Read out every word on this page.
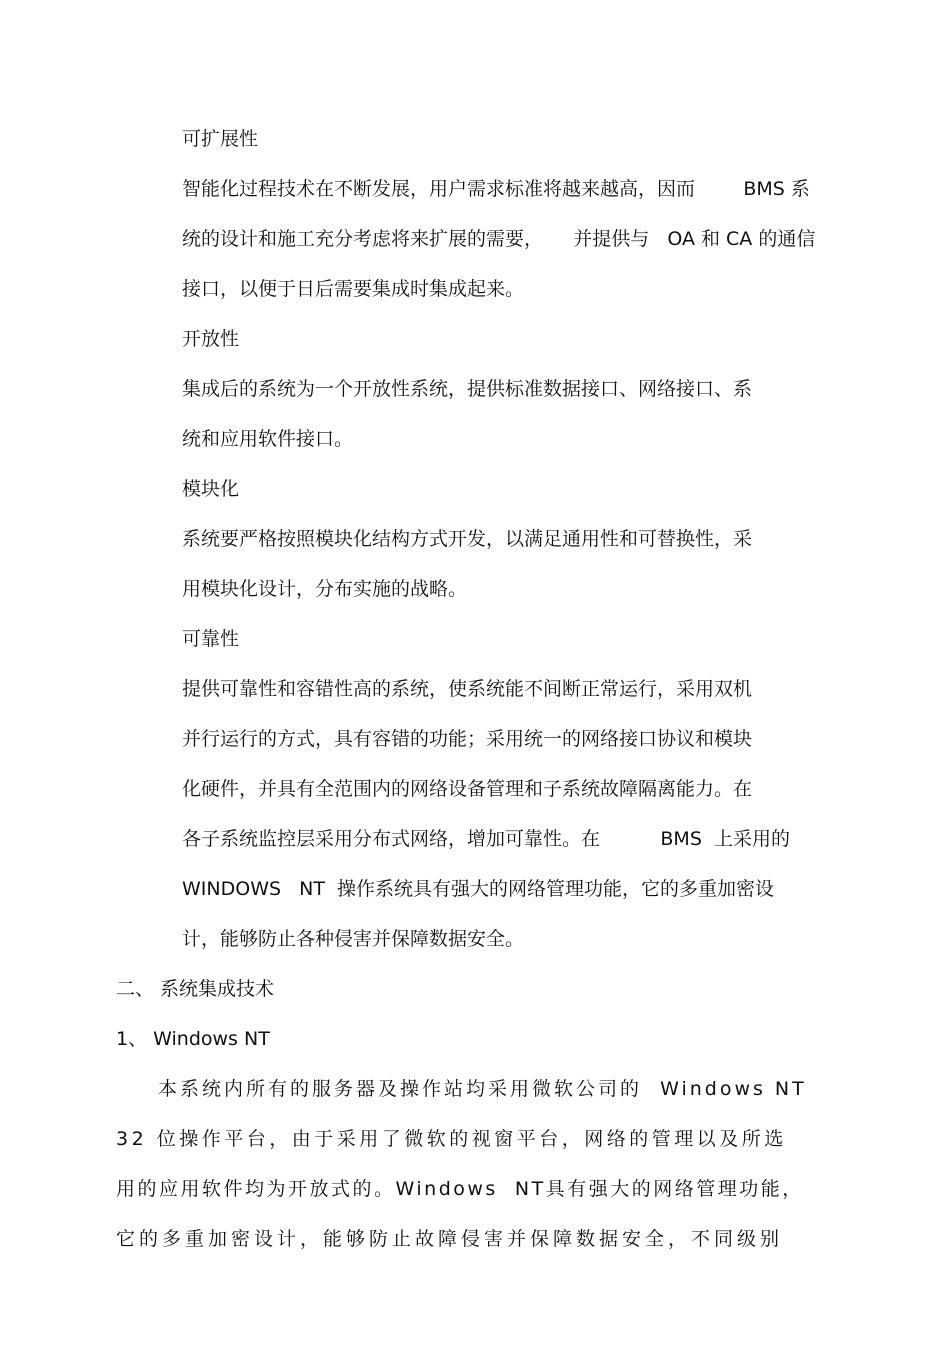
可扩展性
智能化过程技术在不断发展，用户需求标准将越来越高，因而        BMS 系
统的设计和施工充分考虑将来扩展的需要，     并提供与   OA 和 CA 的通信
接口，以便于日后需要集成时集成起来。
开放性
集成后的系统为一个开放性系统，提供标准数据接口、网络接口、系
统和应用软件接口。
模块化
系统要严格按照模块化结构方式开发，以满足通用性和可替换性，采
用模块化设计，分布实施的战略。
可靠性
提供可靠性和容错性高的系统，使系统能不间断正常运行，采用双机
并行运行的方式，具有容错的功能；采用统一的网络接口协议和模块
化硬件，并具有全范围内的网络设备管理和子系统故障隔离能力。在
各子系统监控层采用分布式网络，增加可靠性。在          BMS  上采用的
WINDOWS   NT  操作系统具有强大的网络管理功能，它的多重加密设
计，能够防止各种侵害并保障数据安全。
二、 系统集成技术
1、 Windows NT
本系统内所有的服务器及操作站均采用微软公司的  Windows NT
32 位操作平台，由于采用了微软的视窗平台，网络的管理以及所选
用的应用软件均为开放式的。Windows  NT具有强大的网络管理功能，
它的多重加密设计，能够防止故障侵害并保障数据安全，不同级别
